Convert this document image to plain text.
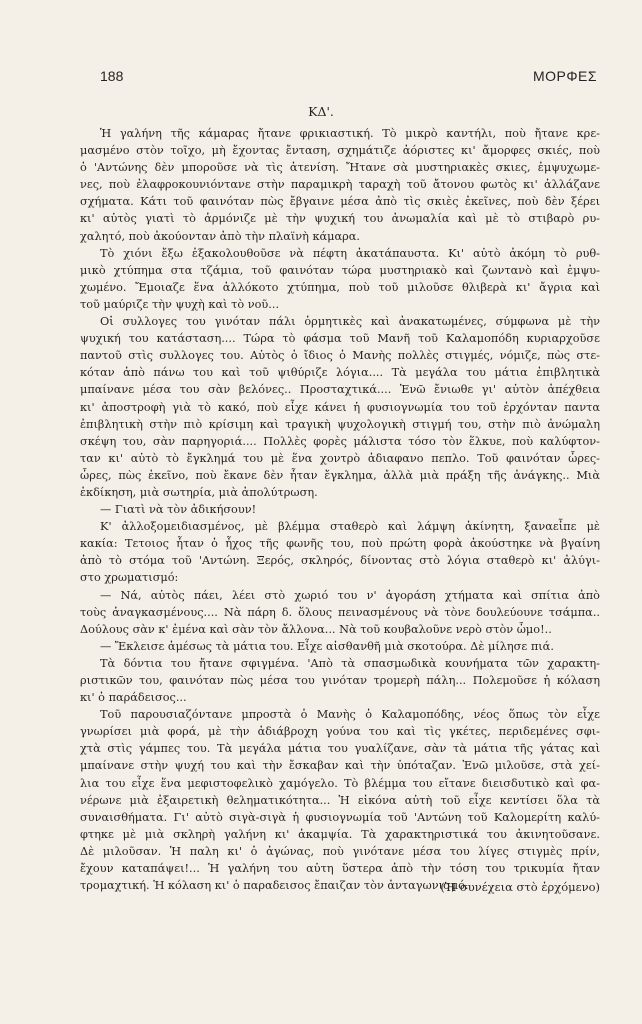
188	ΜΟΡΦΕΣ
ΚΔ'.
Ἡ γαλήνη τῆς κάμαρας ἤτανε φρικιαστική. Τὸ μικρὸ καντήλι, ποὺ ἤτανε κρε-
μασμένο στὸν τοῖχο, μὴ ἔχοντας ἔνταση, σχημάτιζε ἀόριστες κι' ἄμορφες σκιές, ποὺ
ὁ 'Αντώνης δὲν μποροῦσε νὰ τὶς ἀτενίση. Ἤτανε σὰ μυστηριακὲς σκιες, ἐμψυχωμε-
νες, ποὺ ἐλαφροκουνιόντανε στὴν παραμικρὴ ταραχὴ τοῦ ἄτονου φωτὸς κι' ἀλλάζανε
σχήματα. Κάτι τοῦ φαινόταν πὼς ἔβγαινε μέσα ἀπὸ τὶς σκιὲς ἐκεῖνες, ποὺ δὲν ξέρει
κι' αὐτὸς γιατὶ τὸ ἁρμόνιζε μὲ τὴν ψυχική του ἀνωμαλία καὶ μὲ τὸ στιβαρὸ ρυ-
χαλητό, ποὺ ἀκούονταν ἀπὸ τὴν πλαϊνὴ κάμαρα.
Τὸ χιόνι ἔξω ἐξακολουθοῦσε νὰ πέφτη ἀκατάπαυστα. Κι' αὐτὸ ἀκόμη τὸ ρυθ-
μικὸ χτύπημα στα τζάμια, τοῦ φαινόταν τώρα μυστηριακὸ καὶ ζωντανὸ καὶ ἐμψυ-
χωμένο. Ἔμοιαζε ἕνα ἀλλόκοτο χτύπημα, ποὺ τοῦ μιλοῦσε θλιβερὰ κι' ἄγρια καὶ
τοῦ μαύριζε τὴν ψυχὴ καὶ τὸ νοῦ...
Οἱ συλλογες του γινόταν πάλι ὁρμητικὲς καὶ ἀνακατωμένες, σύμφωνα μὲ τὴν
ψυχική του κατάσταση.... Τώρα τὸ φάσμα τοῦ Μανῆ τοῦ Καλαμοπόδη κυριαρχοῦσε
παντοῦ στὶς συλλογες του. Αὐτὸς ὁ ἴδιος ὁ Μανὴς πολλὲς στιγμές, νόμιζε, πὼς στε-
κόταν ἀπὸ πάνω του καὶ τοῦ ψιθύριζε λόγια.... Τὰ μεγάλα του μάτια ἐπιβλητικὰ
μπαίνανε μέσα του σὰν βελόνες.. Προσταχτικά.... Ἐνῶ ἔνιωθε γι' αὐτὸν ἀπέχθεια
κι' ἀποστροφὴ γιὰ τὸ κακό, ποὺ εἶχε κάνει ἡ φυσιογνωμία του τοῦ ἐρχόνταν παντα
ἐπιβλητικὴ στὴν πιὸ κρίσιμη καὶ τραγικὴ ψυχολογικὴ στιγμή του, στὴν πιὸ ἀνώμαλη
σκέψη του, σὰν παρηγοριά.... Πολλὲς φορὲς μάλιστα τόσο τὸν ἕλκυε, ποὺ καλύφτον-
ταν κι' αὐτὸ τὸ ἔγκλημά του μὲ ἕνα χοντρὸ ἀδιαφανο πεπλο. Τοῦ φαινόταν ὧρες-
ὧρες, πὼς ἐκεῖνο, ποὺ ἔκανε δὲν ἦταν ἔγκλημα, ἀλλὰ μιὰ πράξη τῆς ἀνάγκης.. Μιὰ
ἐκδίκηση, μιὰ σωτηρία, μιὰ ἀπολύτρωση.
— Γιατὶ νὰ τὸν ἀδικήσουν!
Κ' ἀλλοξομειδιασμένος, μὲ βλέμμα σταθερὸ καὶ λάμψη ἀκίνητη, ξαναεἶπε μὲ
κακία: Τετοιος ἦταν ὁ ἦχος τῆς φωνῆς του, ποὺ πρώτη φορὰ ἀκούστηκε νὰ βγαίνη
ἀπὸ τὸ στόμα τοῦ 'Αντώνη. Ξερός, σκληρός, δίνοντας στὸ λόγια σταθερὸ κι' ἀλύγι-
στο χρωματισμό:
— Νά, αὐτὸς πάει, λέει στὸ χωριό του ν' ἀγοράση χτήματα καὶ σπίτια ἀπὸ
τοὺς ἀναγκασμένους.... Νὰ πάρη δ. ὅλους πεινασμένους νὰ τὸνε δουλεύουνε τσάμπα..
Δούλους σὰν κ' ἐμένα καὶ σὰν τὸν ἄλλονα... Νὰ τοῦ κουβαλοῦνε νερὸ στὸν ὦμο!..
— Ἔκλεισε ἀμέσως τὰ μάτια του. Εἶχε αἰσθανθῆ μιὰ σκοτούρα. Δὲ μίλησε πιά.
Τὰ δόντια του ἤτανε σφιγμένα. 'Απὸ τὰ σπασμωδικὰ κουνήματα τῶν χαρακτη-
ριστικῶν του, φαινόταν πὼς μέσα του γινόταν τρομερὴ πάλη... Πολεμοῦσε ἡ κόλαση
κι' ὁ παράδεισος...
Τοῦ παρουσιαζόντανε μπροστὰ ὁ Μανὴς ὁ Καλαμοπόδης, νέος ὅπως τὸν εἶχε
γνωρίσει μιὰ φορά, μὲ τὴν ἀδιάβροχη γούνα του καὶ τὶς γκέτες, περιδεμένες σφι-
χτὰ στὶς γάμπες του. Τὰ μεγάλα μάτια του γυαλίζανε, σὰν τὰ μάτια τῆς γάτας καὶ
μπαίνανε στὴν ψυχή του καὶ τὴν ἔσκαβαν καὶ τὴν ὑπόταζαν. Ἐνῶ μιλοῦσε, στὰ χεί-
λια του εἶχε ἕνα μεφιστοφελικὸ χαμόγελο. Τὸ βλέμμα του εἴτανε διεισδυτικὸ καὶ φα-
νέρωνε μιὰ ἐξαιρετικὴ θεληματικότητα... Ἡ εἰκόνα αὐτὴ τοῦ εἶχε κεντίσει ὅλα τὰ
συναισθήματα. Γι' αὐτὸ σιγὰ-σιγὰ ἡ φυσιογνωμία τοῦ 'Αντώνη τοῦ Καλομερίτη καλύ-
φτηκε μὲ μιὰ σκληρὴ γαλήνη κι' ἀκαμψία. Τὰ χαρακτηριστικά του ἀκινητοῦσανε.
Δὲ μιλοῦσαν. Ἡ παλη κι' ὁ ἀγώνας, ποὺ γινότανε μέσα του λίγες στιγμὲς πρίν,
ἔχουν καταπάψει!... Ἡ γαλήνη του αὐτη ὕστερα ἀπὸ τὴν τόση του τρικυμία ἤταν
τρομαχτική. Ἡ κόλαση κι' ὁ παραδεισος ἔπαιζαν τὸν ἀνταγωνισμό.
(Ἡ συνέχεια στὸ ἐρχόμενο)
